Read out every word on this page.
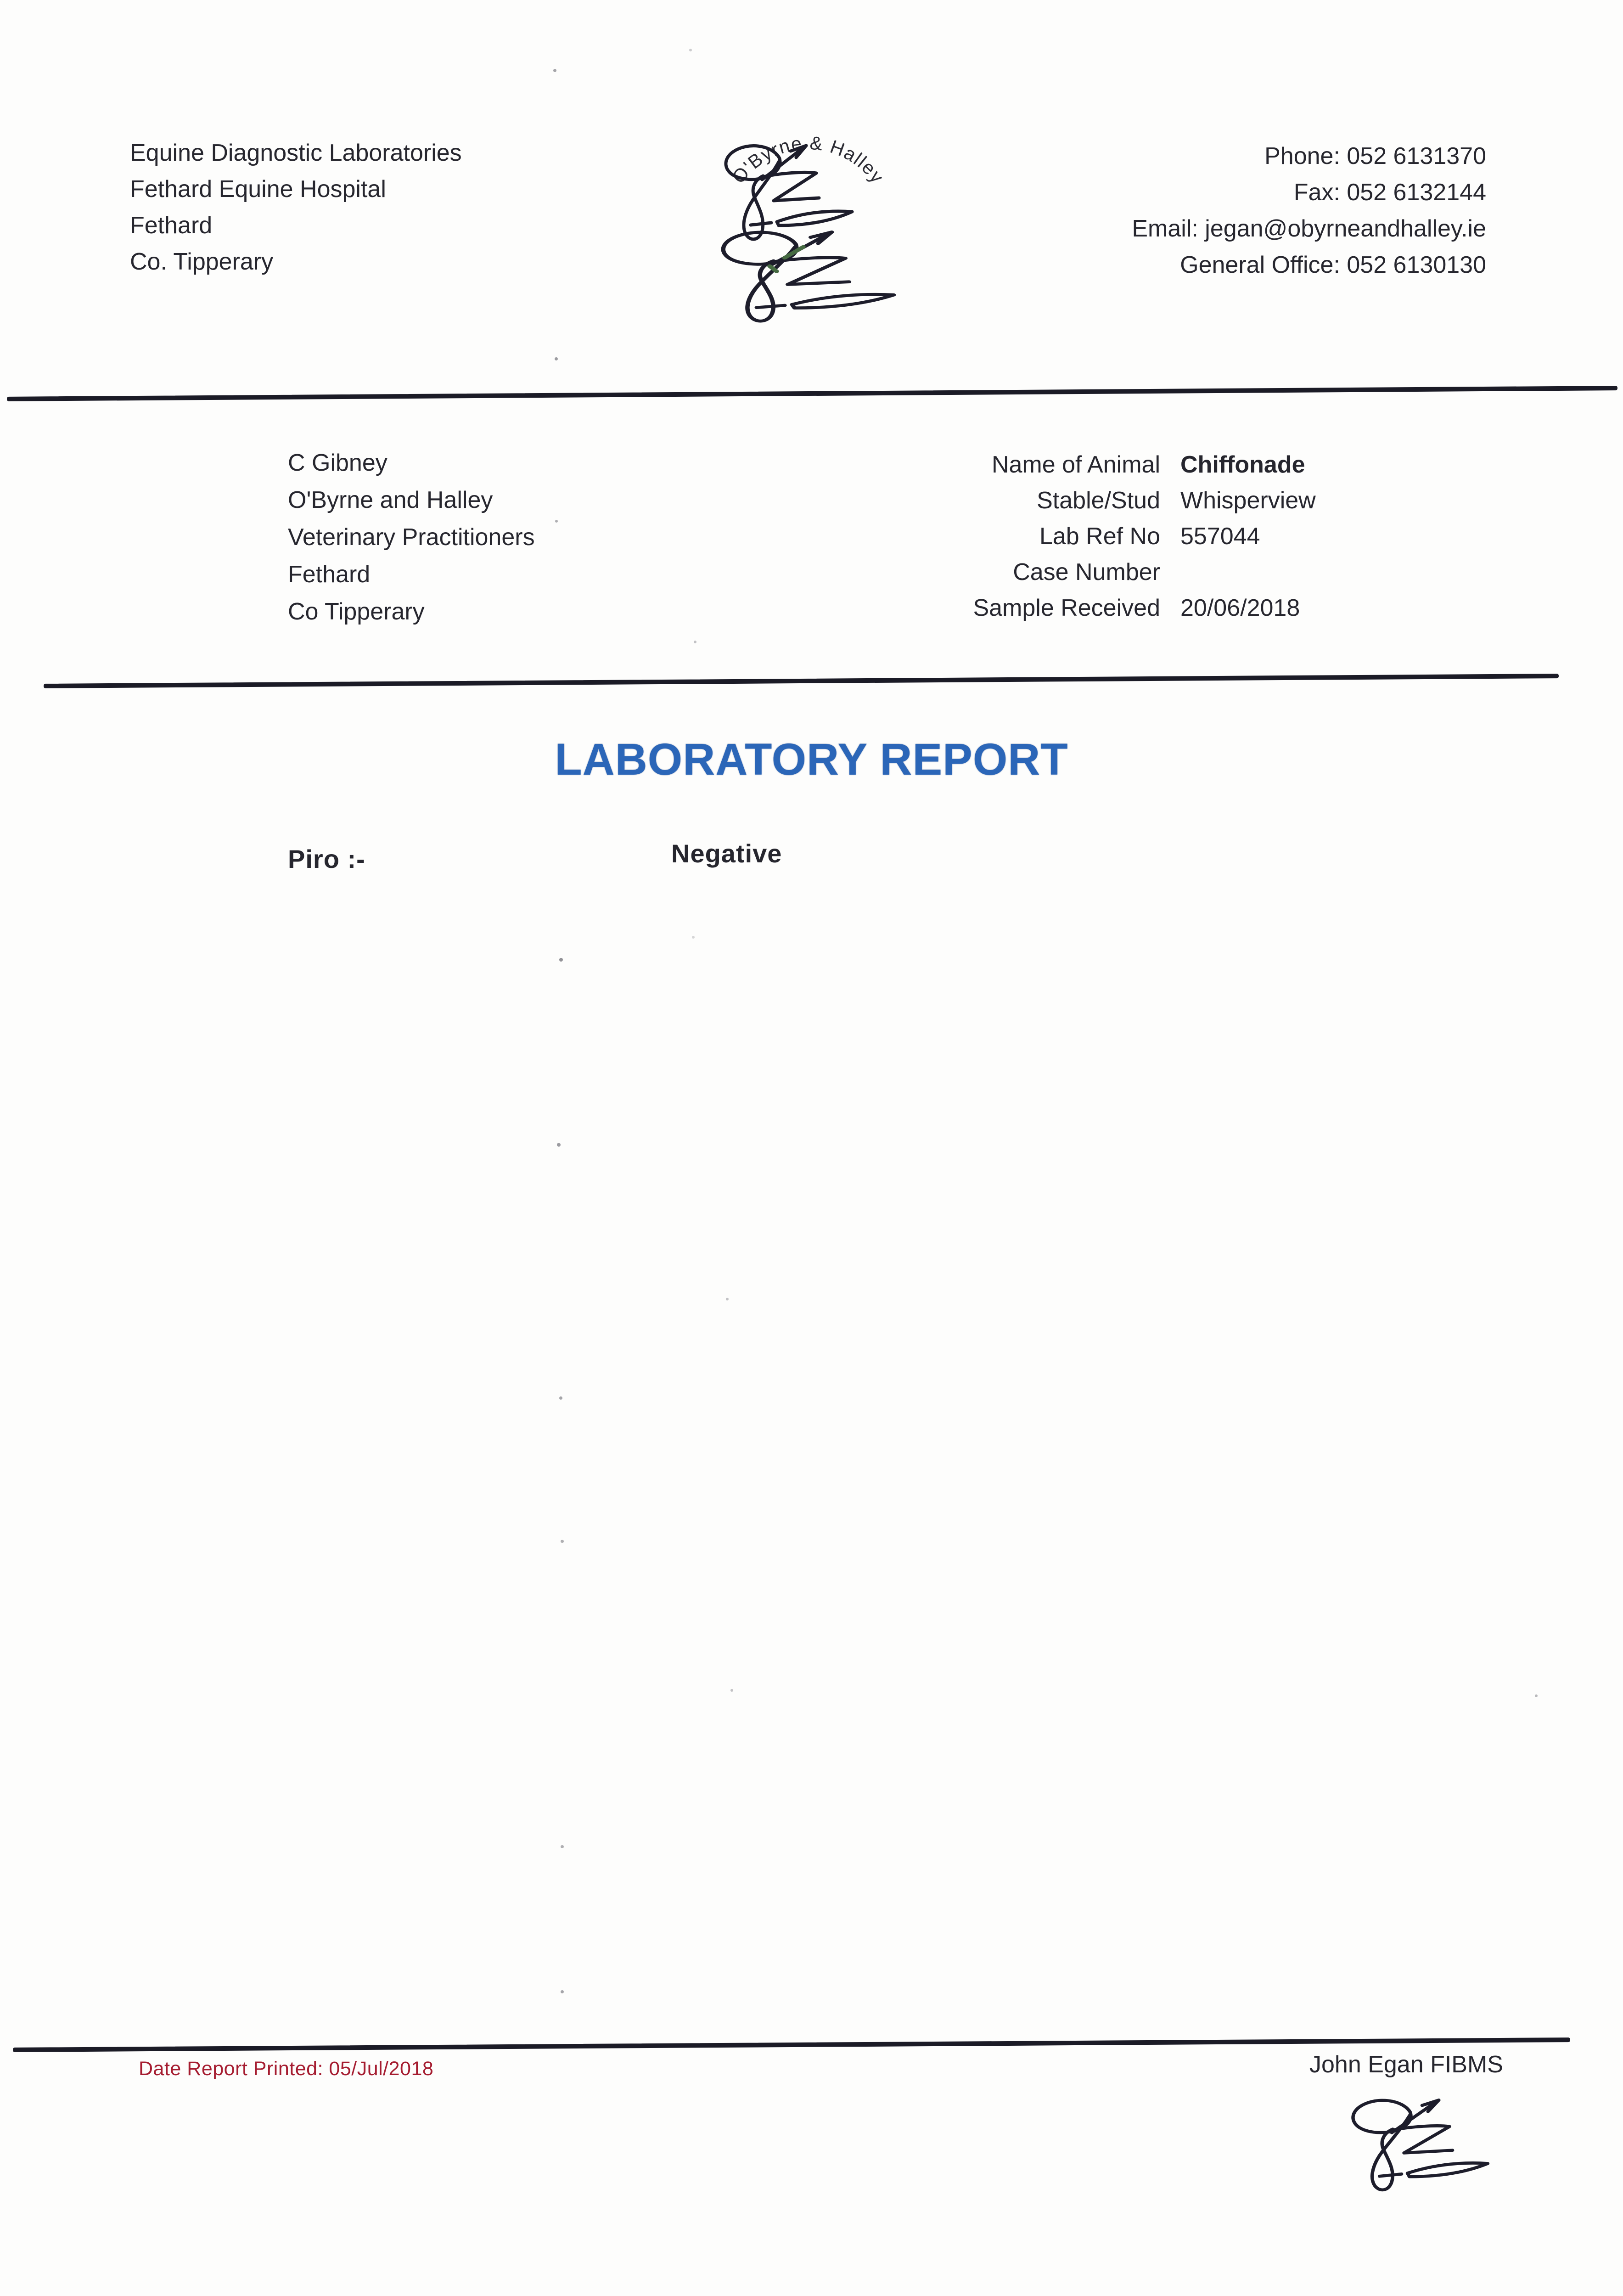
Equine Diagnostic Laboratories
Fethard Equine Hospital
Fethard
Co. Tipperary
Phone: 052 6131370
Fax: 052 6132144
Email: jegan@obyrneandhalley.ie
General Office: 052 6130130
O'Byrne & Halley
C Gibney
O'Byrne and Halley
Veterinary Practitioners
Fethard
Co Tipperary
Name of Animal
Stable/Stud
Lab Ref No
Case Number
Sample Received
Chiffonade
Whisperview
557044

20/06/2018
LABORATORY REPORT
Piro :-	Negative
Date Report Printed: 05/Jul/2018	John Egan FIBMS
